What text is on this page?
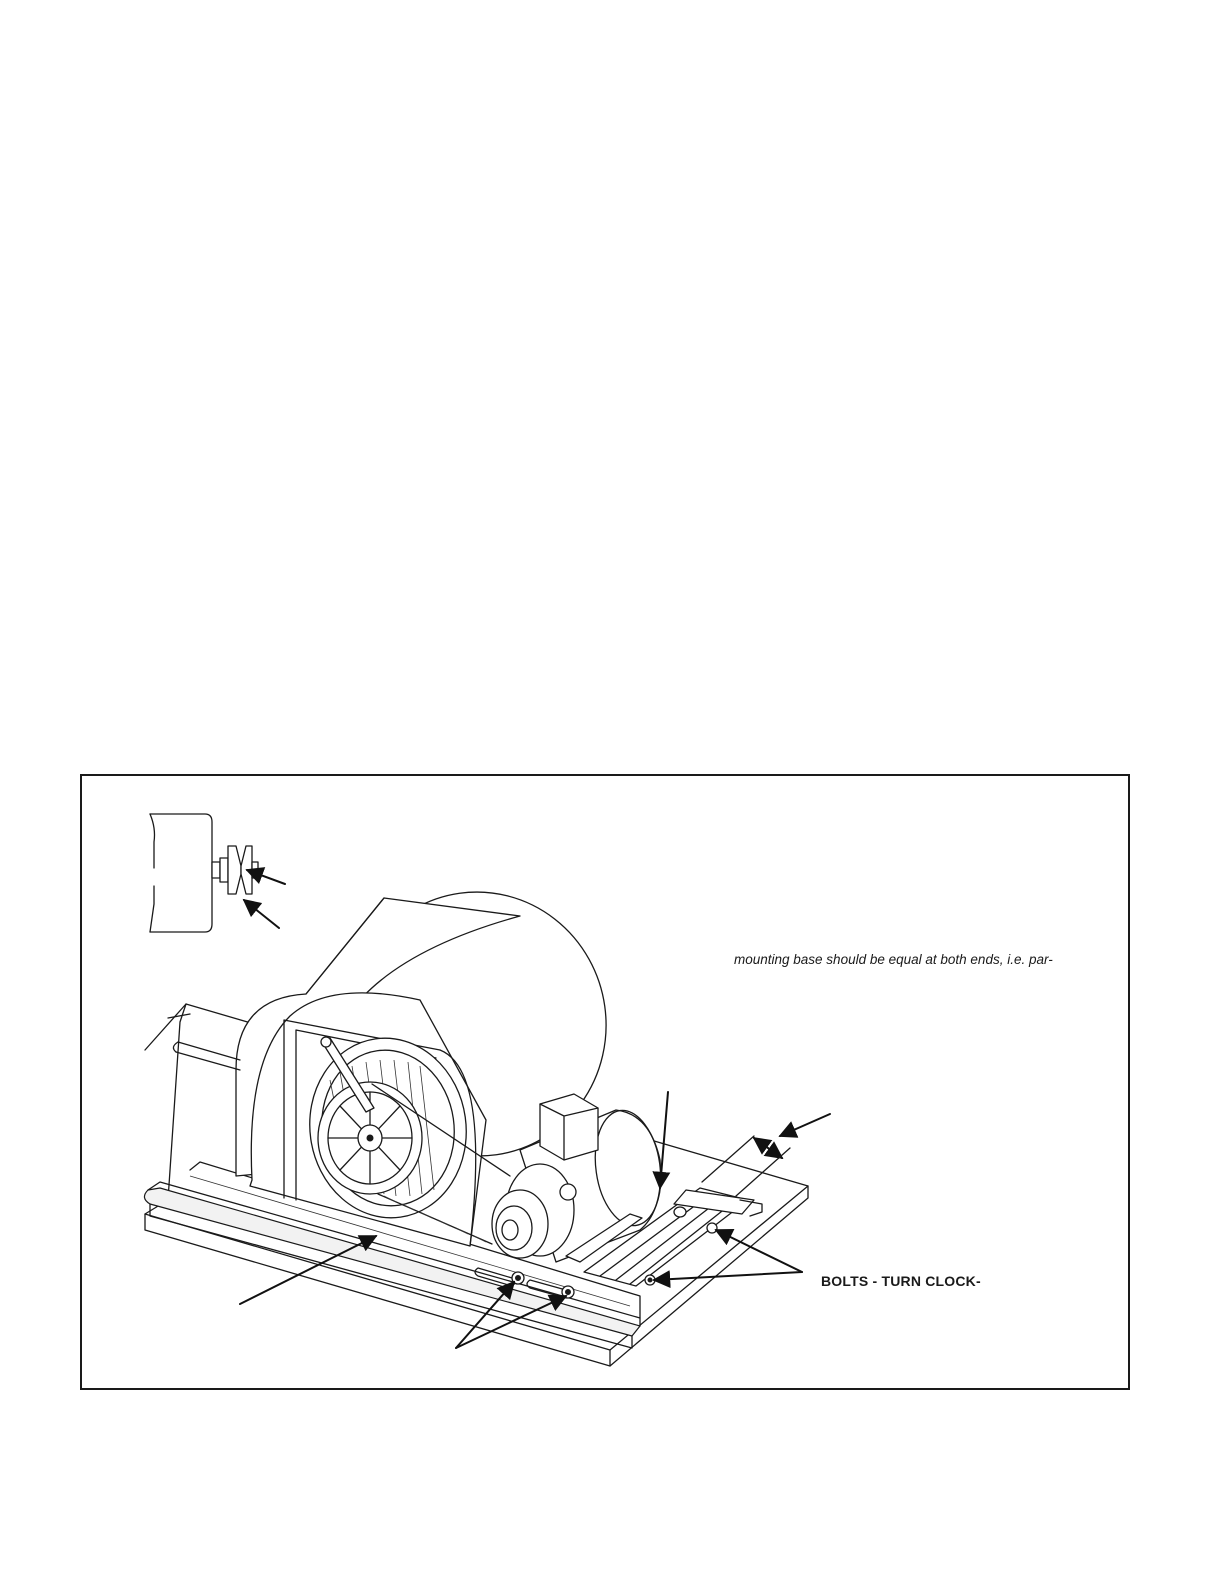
mounting base should be equal at both ends, i.e. par-
BOLTS - TURN CLOCK-
